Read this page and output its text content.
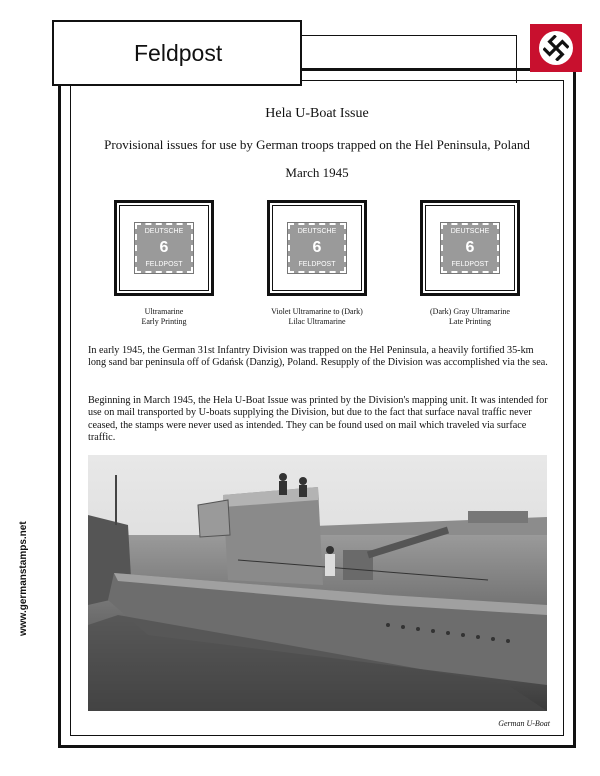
Feldpost
www.germanstamps.net
Hela U-Boat Issue
Provisional issues for use by German troops trapped on the Hel Peninsula, Poland
March 1945
DEUTSCHE
6
FELDPOST
DEUTSCHE
6
FELDPOST
DEUTSCHE
6
FELDPOST
Ultramarine
Early Printing
Violet Ultramarine to (Dark)
Lilac Ultramarine
(Dark) Gray Ultramarine
Late Printing
In early 1945, the German 31st Infantry Division was trapped on the Hel Peninsula, a heavily fortified 35-km long sand bar peninsula off of Gdańsk (Danzig), Poland. Resupply of the Division was accomplished via the sea.
Beginning in March 1945, the Hela U-Boat Issue was printed by the Division's mapping unit. It was intended for use on mail transported by U-boats supplying the Division, but due to the fact that surface naval traffic never ceased, the stamps were never used as intended. They can be found used on mail which traveled via surface traffic.
German U-Boat
